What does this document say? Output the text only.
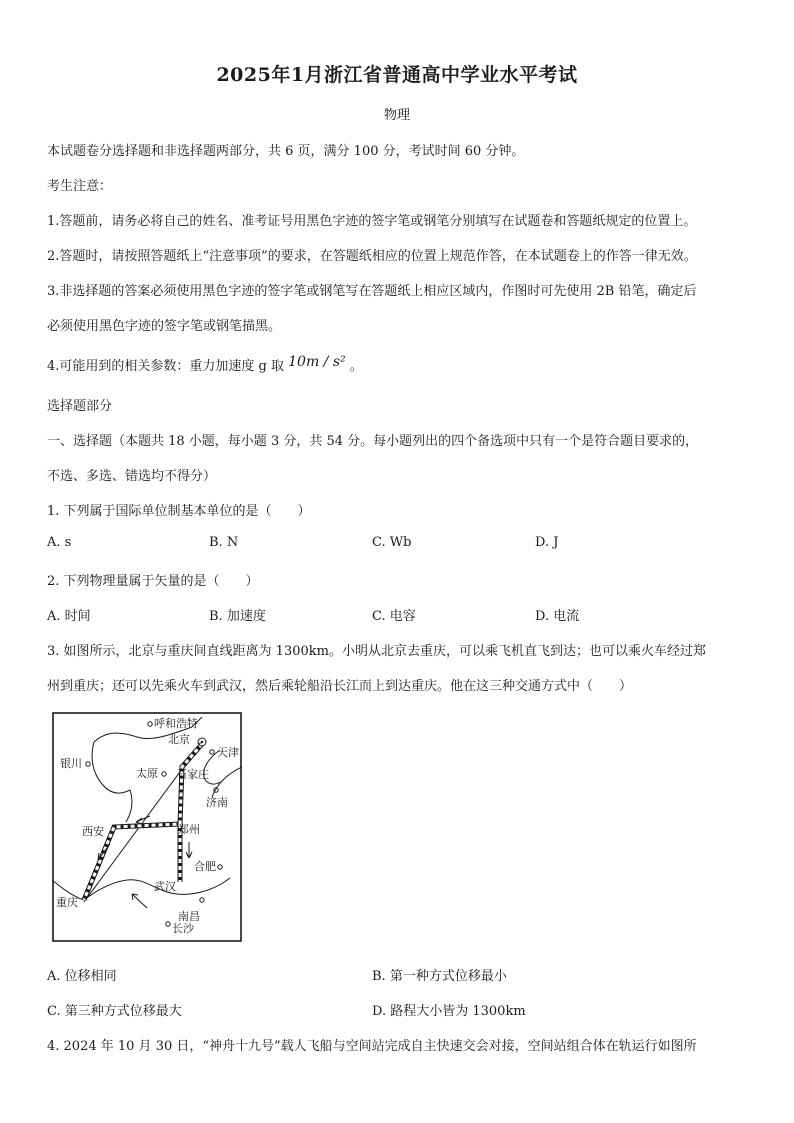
2025年1月浙江省普通高中学业水平考试
物理
本试题卷分选择题和非选择题两部分，共 6 页，满分 100 分，考试时间 60 分钟。
考生注意：
1.答题前，请务必将自己的姓名、准考证号用黑色字迹的签字笔或钢笔分别填写在试题卷和答题纸规定的位置上。
2.答题时，请按照答题纸上“注意事项”的要求，在答题纸相应的位置上规范作答，在本试题卷上的作答一律无效。
3.非选择题的答案必须使用黑色字迹的签字笔或钢笔写在答题纸上相应区域内，作图时可先使用 2B 铅笔，确定后
必须使用黑色字迹的签字笔或钢笔描黑。
4.可能用到的相关参数：重力加速度 g 取 10m / s² 。
选择题部分
一、选择题（本题共 18 小题，每小题 3 分，共 54 分。每小题列出的四个备选项中只有一个是符合题目要求的，
不选、多选、错选均不得分）
1. 下列属于国际单位制基本单位的是（　　）
A. s	B. N	C. Wb	D. J
2. 下列物理量属于矢量的是（　　）
A. 时间	B. 加速度	C. 电容	D. 电流
3. 如图所示，北京与重庆间直线距离为 1300km。小明从北京去重庆，可以乘飞机直飞到达；也可以乘火车经过郑
州到重庆；还可以先乘火车到武汉，然后乘轮船沿长江而上到达重庆。他在这三种交通方式中（　　）
呼和浩特
北京
天津
银川
太原 石家庄
济南
西安	郑州
合肥
武汉
重庆
南昌
长沙
A. 位移相同	B. 第一种方式位移最小
C. 第三种方式位移最大	D. 路程大小皆为 1300km
4. 2024 年 10 月 30 日，“神舟十九号”载人飞船与空间站完成自主快速交会对接，空间站组合体在轨运行如图所
